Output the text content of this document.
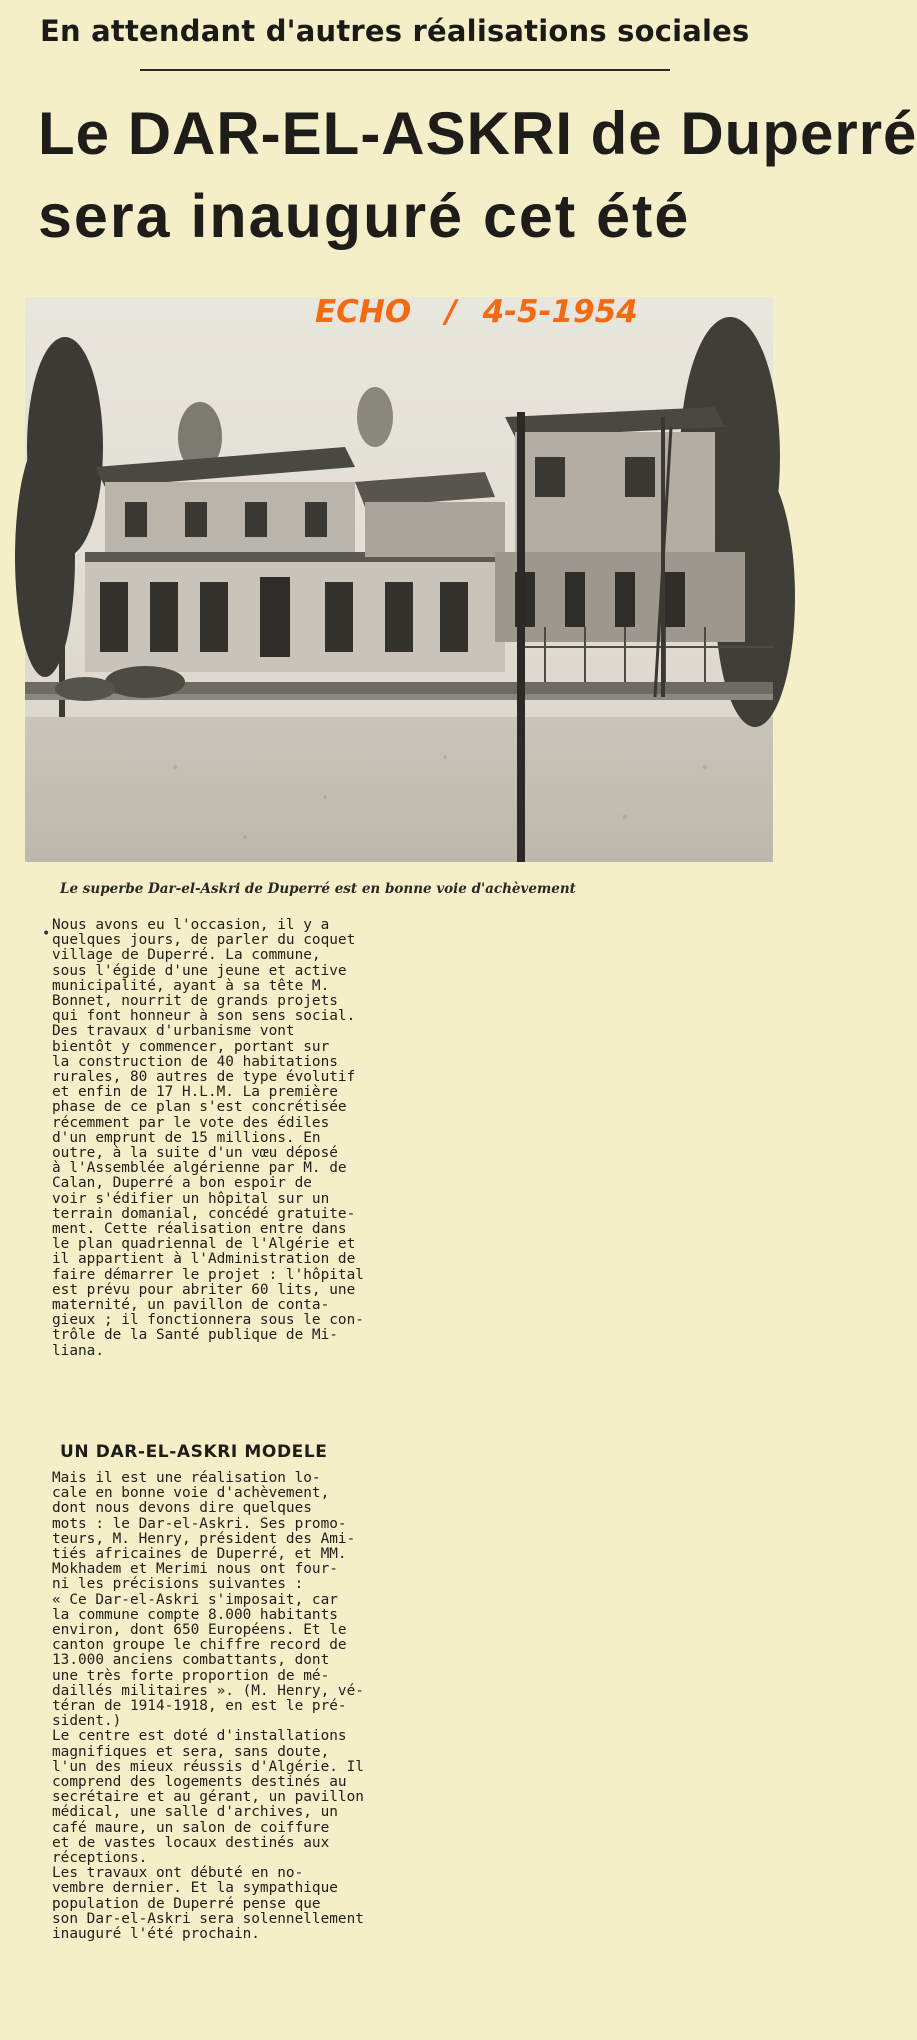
En attendant d'autres réalisations sociales
Le DAR-EL-ASKRI de Duperré
sera inauguré cet été
ECHO / 4-5-1954
Le superbe Dar-el-Askri de Duperré est en bonne voie d'achèvement
•
Nous avons eu l'occasion, il y a
quelques jours, de parler du coquet
village de Duperré. La commune,
sous l'égide d'une jeune et active
municipalité, ayant à sa tête M.
Bonnet, nourrit de grands projets
qui font honneur à son sens social.
Des travaux d'urbanisme vont
bientôt y commencer, portant sur
la construction de 40 habitations
rurales, 80 autres de type évolutif
et enfin de 17 H.L.M. La première
phase de ce plan s'est concrétisée
récemment par le vote des édiles
d'un emprunt de 15 millions. En
outre, à la suite d'un vœu déposé
à l'Assemblée algérienne par M. de
Calan, Duperré a bon espoir de
voir s'édifier un hôpital sur un
terrain domanial, concédé gratuite-
ment. Cette réalisation entre dans
le plan quadriennal de l'Algérie et
il appartient à l'Administration de
faire démarrer le projet : l'hôpital
est prévu pour abriter 60 lits, une
maternité, un pavillon de conta-
gieux ; il fonctionnera sous le con-
trôle de la Santé publique de Mi-
liana.
UN DAR-EL-ASKRI MODELE
Mais il est une réalisation lo-
cale en bonne voie d'achèvement,
dont nous devons dire quelques
mots : le Dar-el-Askri. Ses promo-
teurs, M. Henry, président des Ami-
tiés africaines de Duperré, et MM.
Mokhadem et Merimi nous ont four-
ni les précisions suivantes :
« Ce Dar-el-Askri s'imposait, car
la commune compte 8.000 habitants
environ, dont 650 Européens. Et le
canton groupe le chiffre record de
13.000 anciens combattants, dont
une très forte proportion de mé-
daillés militaires ». (M. Henry, vé-
téran de 1914-1918, en est le pré-
sident.)
Le centre est doté d'installations
magnifiques et sera, sans doute,
l'un des mieux réussis d'Algérie. Il
comprend des logements destinés au
secrétaire et au gérant, un pavillon
médical, une salle d'archives, un
café maure, un salon de coiffure
et de vastes locaux destinés aux
réceptions.
Les travaux ont débuté en no-
vembre dernier. Et la sympathique
population de Duperré pense que
son Dar-el-Askri sera solennellement
inauguré l'été prochain.
